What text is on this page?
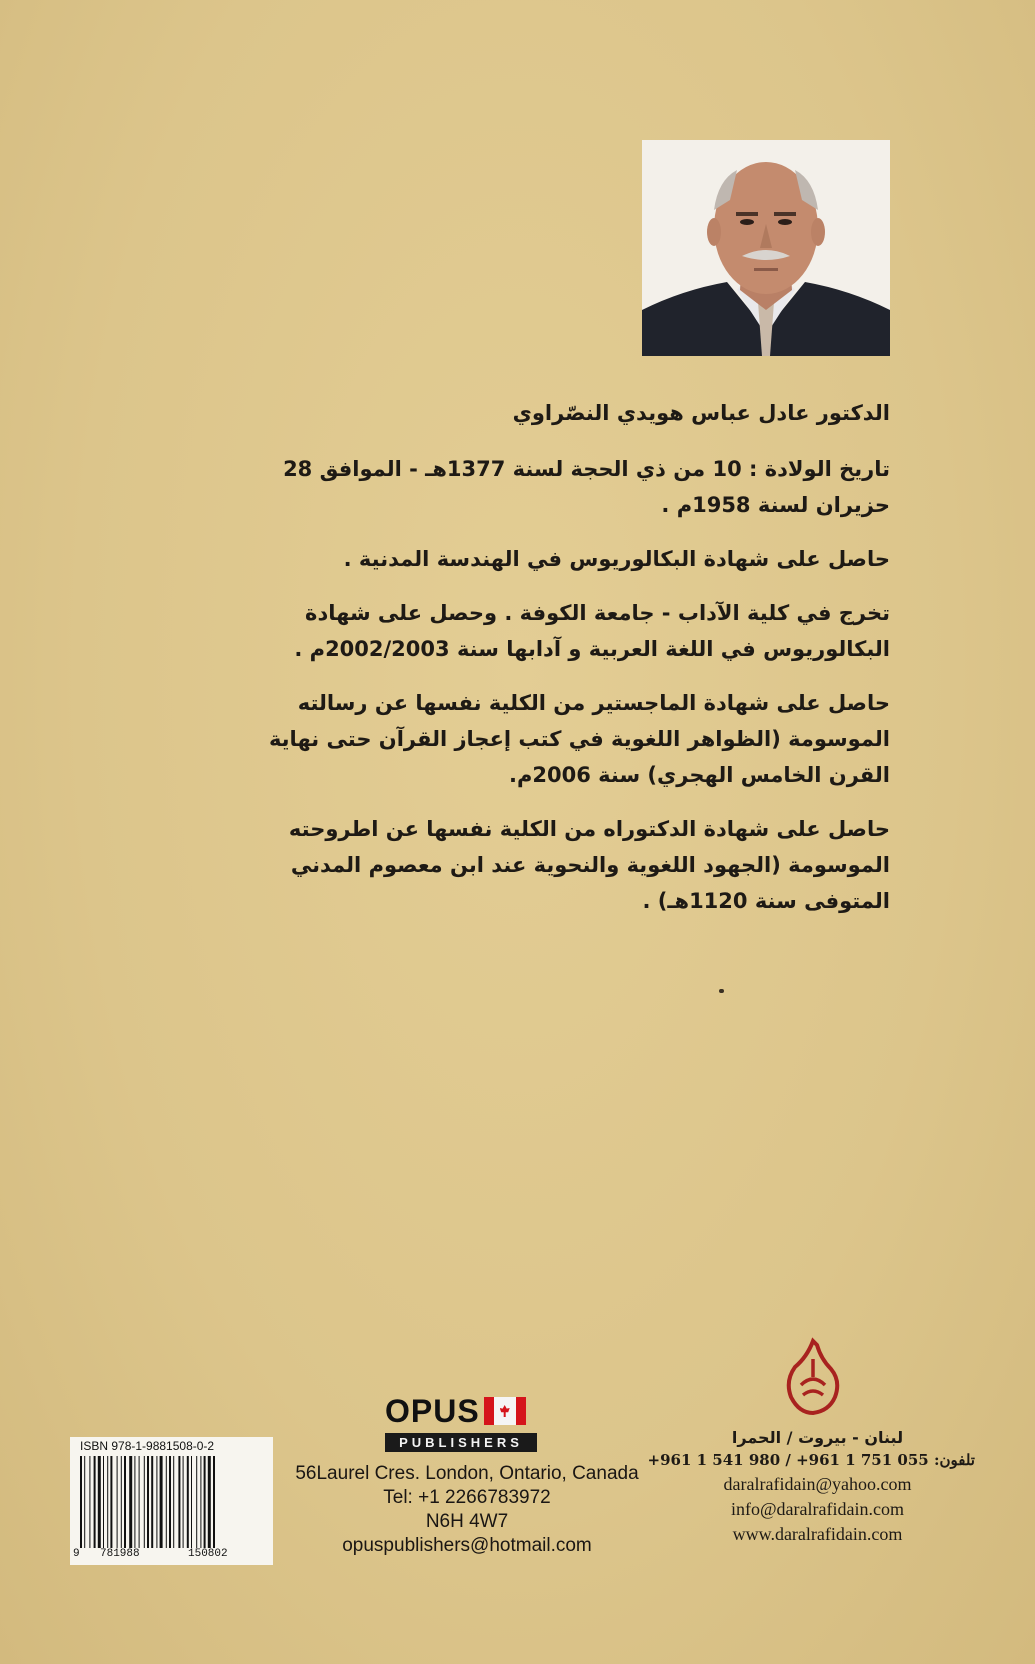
الدكتور عادل عباس هويدي النصّراوي

تاريخ الولادة : 10 من ذي الحجة لسنة 1377هـ - الموافق 28 حزيران لسنة 1958م .

حاصل على شهادة البكالوريوس في الهندسة المدنية .

تخرج في كلية الآداب - جامعة الكوفة . وحصل على شهادة البكالوريوس في اللغة العربية و آدابها سنة 2002/2003م .

حاصل على شهادة الماجستير من الكلية نفسها عن رسالته الموسومة (الظواهر اللغوية في كتب إعجاز القرآن حتى نهاية القرن الخامس الهجري) سنة 2006م.

حاصل على شهادة الدكتوراه من الكلية نفسها عن اطروحته الموسومة (الجهود اللغوية والنحوية عند ابن معصوم المدني المتوفى سنة 1120هـ) .

لبنان - بيروت / الحمرا
تلفون: 055 751 1 961+ / 980 541 1 961+
daralrafidain@yahoo.com
info@daralrafidain.com
www.daralrafidain.com
OPUS
PUBLISHERS
56Laurel Cres. London, Ontario, Canada
Tel: +1 2266783972
N6H 4W7
opuspublishers@hotmail.com
ISBN 978-1-9881508-0-2
9 781988	150802
